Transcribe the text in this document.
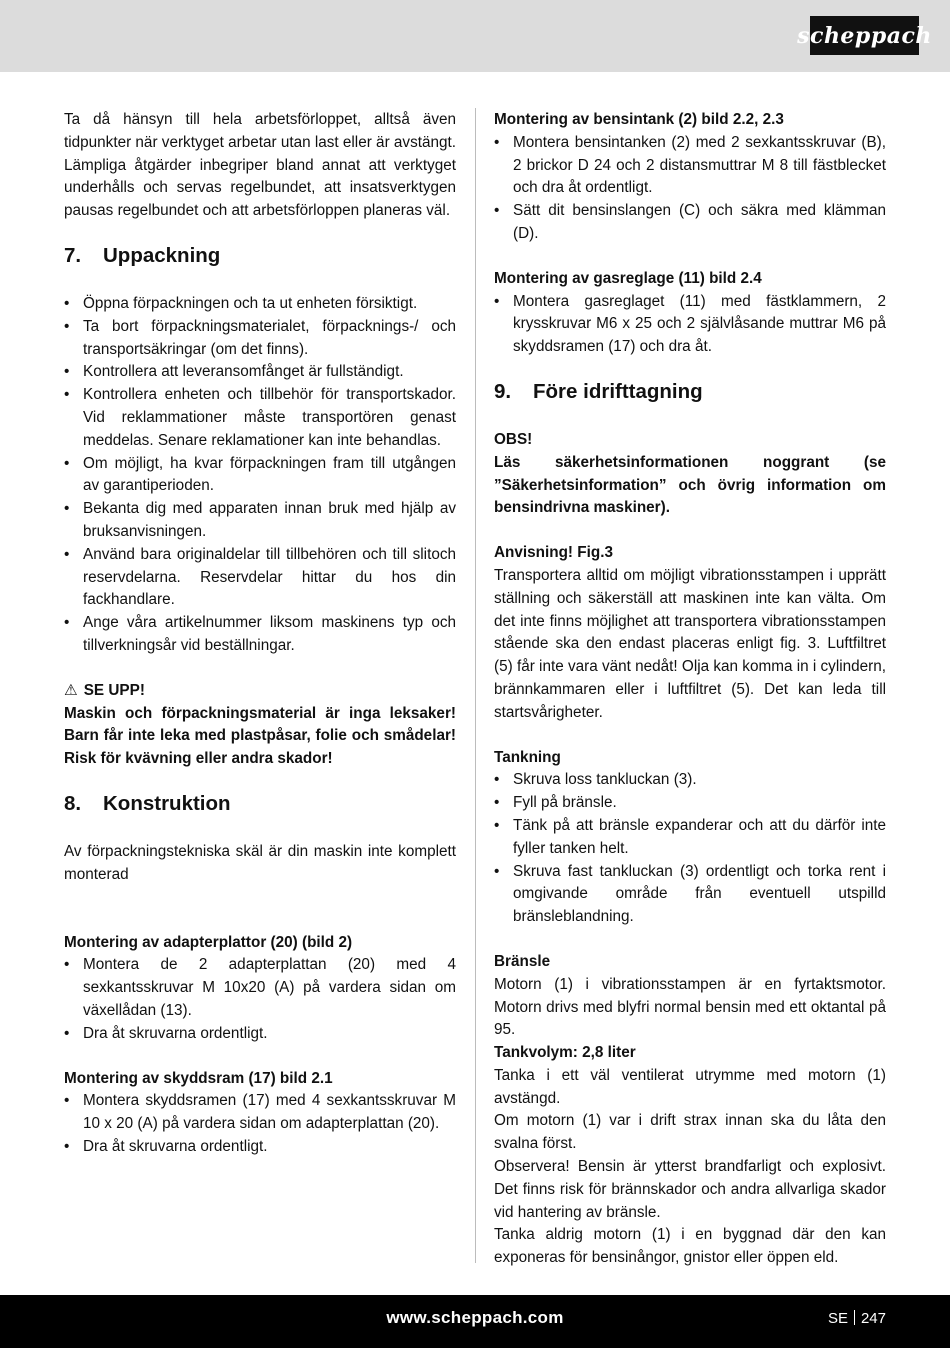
scheppach

Ta då hänsyn till hela arbetsförloppet, alltså även tidpunkter när verktyget arbetar utan last eller är avstängt. Lämpliga åtgärder inbegriper bland annat att verktyget underhålls och servas regelbundet, att insatsverktygen pausas regelbundet och att arbetsförloppen planeras väl.

7. Uppackning
• Öppna förpackningen och ta ut enheten försiktigt.
• Ta bort förpackningsmaterialet, förpacknings-/ och transportsäkringar (om det finns).
• Kontrollera att leveransomfånget är fullständigt.
• Kontrollera enheten och tillbehör för transportskador. Vid reklammationer måste transportören genast meddelas. Senare reklamationer kan inte behandlas.
• Om möjligt, ha kvar förpackningen fram till utgången av garantiperioden.
• Bekanta dig med apparaten innan bruk med hjälp av bruksanvisningen.
• Använd bara originaldelar till tillbehören och till slitoch reservdelarna. Reservdelar hittar du hos din fackhandlare.
• Ange våra artikelnummer liksom maskinens typ och tillverkningsår vid beställningar.

⚠ SE UPP!

Maskin och förpackningsmaterial är inga leksaker! Barn får inte leka med plastpåsar, folie och smådelar! Risk för kvävning eller andra skador!

8. Konstruktion

Av förpackningstekniska skäl är din maskin inte komplett monterad

Montering av adapterplattor (20) (bild 2)

• Montera de 2 adapterplattan (20) med 4 sexkantsskruvar M 10x20 (A) på vardera sidan om växellådan (13).
• Dra åt skruvarna ordentligt.

Montering av skyddsram (17) bild 2.1

• Montera skyddsramen (17) med 4 sexkantsskruvar M 10 x 20 (A) på vardera sidan om adapterplattan (20).
• Dra åt skruvarna ordentligt.

Montering av bensintank (2) bild 2.2, 2.3

• Montera bensintanken (2) med 2 sexkantsskruvar (B), 2 brickor D 24 och 2 distansmuttrar M 8 till fästblecket och dra åt ordentligt.
• Sätt dit bensinslangen (C) och säkra med klämman (D).

Montering av gasreglage (11) bild 2.4

• Montera gasreglaget (11) med fästklammern, 2 krysskruvar M6 x 25 och 2 självlåsande muttrar M6 på skyddsramen (17) och dra åt.
9. Före idrifttagning

OBS!

Läs säkerhetsinformationen noggrant (se ”Säkerhetsinformation” och övrig information om bensindrivna maskiner).

Anvisning! Fig.3

Transportera alltid om möjligt vibrationsstampen i upprätt ställning och säkerställ att maskinen inte kan välta. Om det inte finns möjlighet att transportera vibrationsstampen stående ska den endast placeras enligt fig. 3. Luftfiltret (5) får inte vara vänt nedåt! Olja kan komma in i cylindern, brännkammaren eller i luftfiltret (5). Det kan leda till startsvårigheter.

Tankning

• Skruva loss tankluckan (3).
• Fyll på bränsle.
• Tänk på att bränsle expanderar och att du därför inte fyller tanken helt.
• Skruva fast tankluckan (3) ordentligt och torka rent i omgivande område från eventuell utspilld bränsleblandning.

Bränsle

Motorn (1) i vibrationsstampen är en fyrtaktsmotor. Motorn drivs med blyfri normal bensin med ett oktantal på 95.

Tankvolym: 2,8 liter

Tanka i ett väl ventilerat utrymme med motorn (1) avstängd.

Om motorn (1) var i drift strax innan ska du låta den svalna först.

Observera! Bensin är ytterst brandfarligt och explosivt. Det finns risk för brännskador och andra allvarliga skador vid hantering av bränsle.

Tanka aldrig motorn (1) i en byggnad där den kan exponeras för bensinångor, gnistor eller öppen eld.

www.scheppach.com	SE 247
